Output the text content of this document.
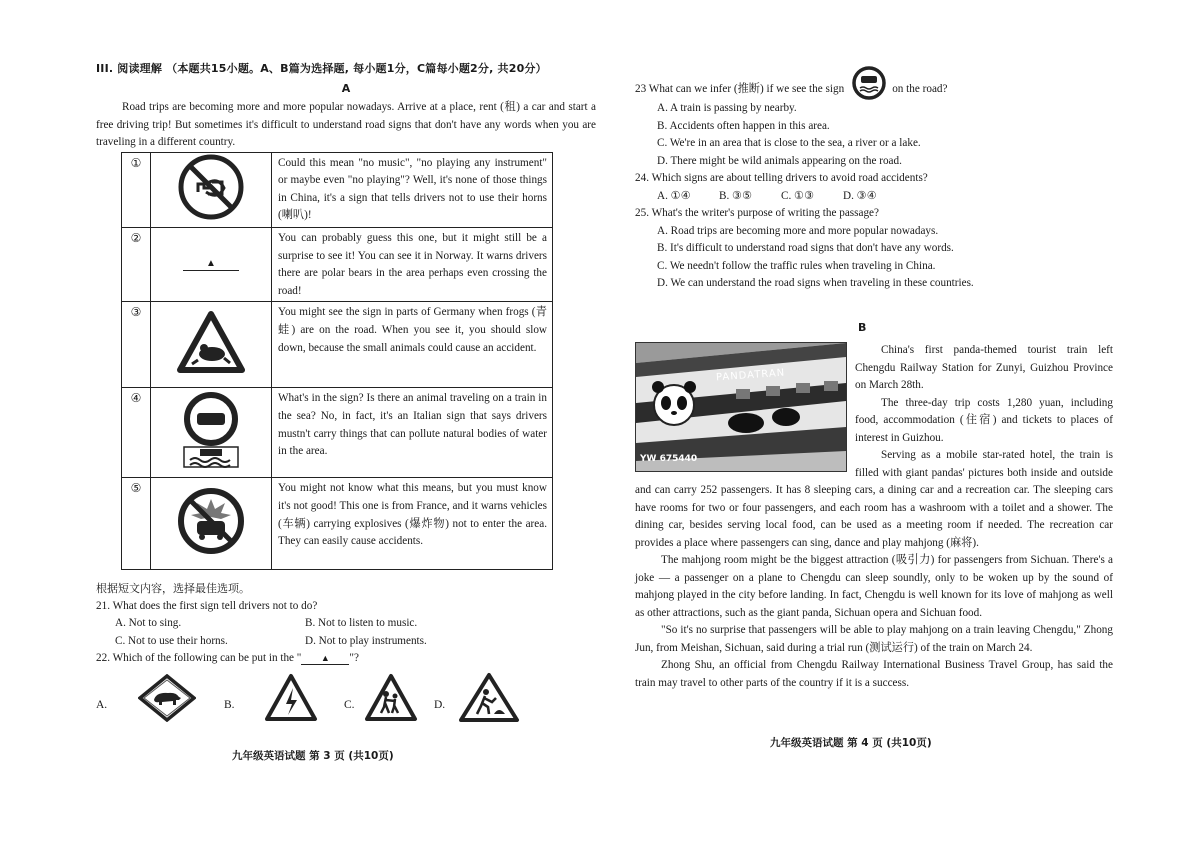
III. 阅读理解 （本题共15小题。A、B篇为选择题, 每小题1分，C篇每小题2分, 共20分）
A

Road trips are becoming more and more popular nowadays. Arrive at a place, rent (租) a car and start a free driving trip! But sometimes it's difficult to understand road signs that don't have any words when you are traveling in a different country.

①		Could this mean "no music", "no playing any instrument" or maybe even "no playing"? Well, it's none of those things in China, it's a sign that tells drivers not to use their horns (喇叭)!
②	▲	You can probably guess this one, but it might still be a surprise to see it! You can see it in Norway. It warns drivers there are polar bears in the area perhaps even crossing the road!
③		You might see the sign in parts of Germany when frogs (青蛙) are on the road. When you see it, you should slow down, because the small animals could cause an accident.
④		What's in the sign? Is there an animal traveling on a train in the sea? No, in fact, it's an Italian sign that says drivers mustn't carry things that can pollute natural bodies of water in the area.
⑤		You might not know what this means, but you must know it's not good! This one is from France, and it warns vehicles (车辆) carrying explosives (爆炸物) not to enter the area. They can easily cause accidents.
根据短文内容，选择最佳选项。
21. What does the first sign tell drivers not to do?
A. Not to sing.	B. Not to listen to music.
C. Not to use their horns.	D. Not to play instruments.
22. Which of the following can be put in the " ▲ "?
A.	B.	C.	D.
九年级英语试题 第 3 页 (共10页)
23 What can we infer (推断) if we see the sign	on the road?
A. A train is passing by nearby.
B. Accidents often happen in this area.
C. We're in an area that is close to the sea, a river or a lake.
D. There might be wild animals appearing on the road.
24. Which signs are about telling drivers to avoid road accidents?
A. ①④	B. ③⑤	C. ①③	D. ③④
25. What's the writer's purpose of writing the passage?
A. Road trips are becoming more and more popular nowadays.
B. It's difficult to understand road signs that don't have any words.
C. We needn't follow the traffic rules when traveling in China.
D. We can understand the road signs when traveling in these countries.
B
PANDATRAN
YW 675440

China's first panda-themed tourist train left Chengdu Railway Station for Zunyi, Guizhou Province on March 28th.

The three-day trip costs 1,280 yuan, including food, accommodation (住宿) and tickets to places of interest in Guizhou.

Serving as a mobile star-rated hotel, the train is filled with giant pandas' pictures both inside and outside and can carry 252 passengers. It has 8 sleeping cars, a dining car and a recreation car. The sleeping cars have rooms for two or four passengers, and each room has a washroom with a toilet and a shower. The dining car, besides serving local food, can be used as a meeting room if needed. The recreation car provides a place where passengers can sing, dance and play mahjong (麻将).

The mahjong room might be the biggest attraction (吸引力) for passengers from Sichuan. There's a joke — a passenger on a plane to Chengdu can sleep soundly, only to be woken up by the sound of mahjong played in the city before landing. In fact, Chengdu is well known for its love of mahjong as well as other attractions, such as the giant panda, Sichuan opera and Sichuan food.

"So it's no surprise that passengers will be able to play mahjong on a train leaving Chengdu," Zhong Jun, from Meishan, Sichuan, said during a trial run (测试运行) of the train on March 24.

Zhong Shu, an official from Chengdu Railway International Business Travel Group, has said the train may travel to other parts of the country if it is a success.

九年级英语试题 第 4 页 (共10页)
